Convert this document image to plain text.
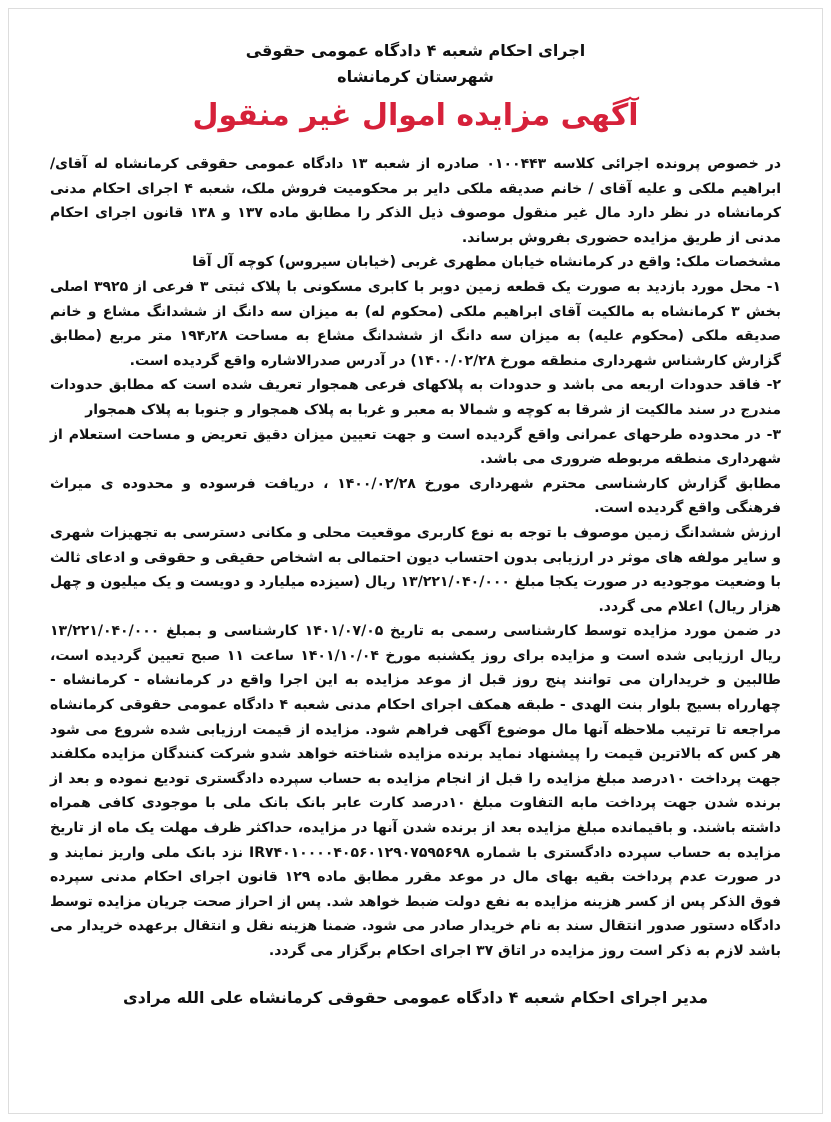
اجرای احکام شعبه ۴ دادگاه عمومی حقوقی

شهرستان کرمانشاه

آگهی مزایده اموال غیر منقول

در خصوص پرونده اجرائی کلاسه ۰۱۰۰۴۴۳ صادره از شعبه ۱۳ دادگاه عمومی حقوقی کرمانشاه له آقای/ ابراهیم ملکی و علیه آقای / خانم صدیقه ملکی دایر بر محکومیت فروش ملک، شعبه ۴ اجرای احکام مدنی کرمانشاه در نظر دارد مال غیر منقول موصوف ذیل الذکر را مطابق ماده ۱۳۷ و ۱۳۸ قانون اجرای احکام مدنی از طریق مزایده حضوری بفروش برساند.

مشخصات ملک: واقع در کرمانشاه خیابان مطهری غربی (خیابان سیروس) کوچه آل آقا

۱- محل مورد بازدید به صورت یک قطعه زمین دوبر با کابری مسکونی با پلاک ثبتی ۳ فرعی از ۳۹۲۵ اصلی بخش ۳ کرمانشاه به مالکیت آقای ابراهیم ملکی (محکوم له) به میزان سه دانگ از ششدانگ مشاع و خانم صدیقه ملکی (محکوم علیه) به میزان سه دانگ از ششدانگ مشاع به مساحت ۱۹۴٫۲۸ متر مربع (مطابق گزارش کارشناس شهرداری منطقه مورخ ۱۴۰۰/۰۲/۲۸) در آدرس صدرالاشاره واقع گردیده است.

۲- فاقد حدودات اربعه می باشد و حدودات به پلاکهای فرعی همجوار تعریف شده است که مطابق حدودات مندرج در سند مالکیت از شرقا به کوچه و شمالا به معبر و غربا به پلاک همجوار و جنوبا به پلاک همجوار

۳- در محدوده طرحهای عمرانی واقع گردیده است و جهت تعیین میزان دقیق تعریض و مساحت استعلام از شهرداری منطقه مربوطه ضروری می باشد.

مطابق گزارش کارشناسی محترم شهرداری مورخ ۱۴۰۰/۰۲/۲۸ ، دریافت فرسوده و محدوده ی میراث فرهنگی واقع گردیده است.

ارزش ششدانگ زمین موصوف با توجه به نوع کاربری موقعیت محلی و مکانی دسترسی به تجهیزات شهری و سایر مولفه های موثر در ارزیابی بدون احتساب دیون احتمالی به اشخاص حقیقی و حقوقی و ادعای ثالث با وضعیت موجودیه در صورت یکجا مبلغ ۱۳/۲۲۱/۰۴۰/۰۰۰ ریال (سیزده میلیارد و دویست و یک میلیون و چهل هزار ریال) اعلام می گردد.

در ضمن مورد مزایده توسط کارشناسی رسمی به تاریخ ۱۴۰۱/۰۷/۰۵ کارشناسی و بمبلغ ۱۳/۲۲۱/۰۴۰/۰۰۰ ریال ارزیابی شده است و مزایده برای روز یکشنبه مورخ ۱۴۰۱/۱۰/۰۴ ساعت ۱۱ صبح تعیین گردیده است، طالبین و خریداران می توانند پنج روز قبل از موعد مزایده به این اجرا واقع در کرمانشاه - کرمانشاه - چهارراه بسیج بلوار بنت الهدی - طبقه همکف اجرای احکام مدنی شعبه ۴ دادگاه عمومی حقوقی کرمانشاه مراجعه تا ترتیب ملاحظه آنها مال موضوع آگهی فراهم شود. مزایده از قیمت ارزیابی شده شروع می شود هر کس که بالاترین قیمت را پیشنهاد نماید برنده مزایده شناخته خواهد شدو شرکت کنندگان مزایده مکلفند جهت پرداخت ۱۰درصد مبلغ مزایده را قبل از انجام مزایده به حساب سپرده دادگستری تودیع نموده و بعد از برنده شدن جهت پرداخت مابه التفاوت مبلغ ۱۰درصد کارت عابر بانک بانک ملی با موجودی کافی همراه داشته باشند. و باقیمانده مبلغ مزایده بعد از برنده شدن آنها در مزایده، حداکثر ظرف مهلت یک ماه از تاریخ مزایده به حساب سپرده دادگستری با شماره IR۷۴۰۱۰۰۰۰۴۰۵۶۰۱۲۹۰۷۵۹۵۶۹۸ نزد بانک ملی واریز نمایند و در صورت عدم پرداخت بقیه بهای مال در موعد مقرر مطابق ماده ۱۲۹ قانون اجرای احکام مدنی سپرده فوق الذکر پس از کسر هزینه مزایده به نفع دولت ضبط خواهد شد. پس از احراز صحت جریان مزایده توسط دادگاه دستور صدور انتقال سند به نام خریدار صادر می شود. ضمنا هزینه نقل و انتقال برعهده خریدار می باشد لازم به ذکر است روز مزایده در اتاق ۳۷ اجرای احکام برگزار می گردد.

مدیر اجرای احکام شعبه ۴ دادگاه عمومی حقوقی کرمانشاه علی الله مرادی
